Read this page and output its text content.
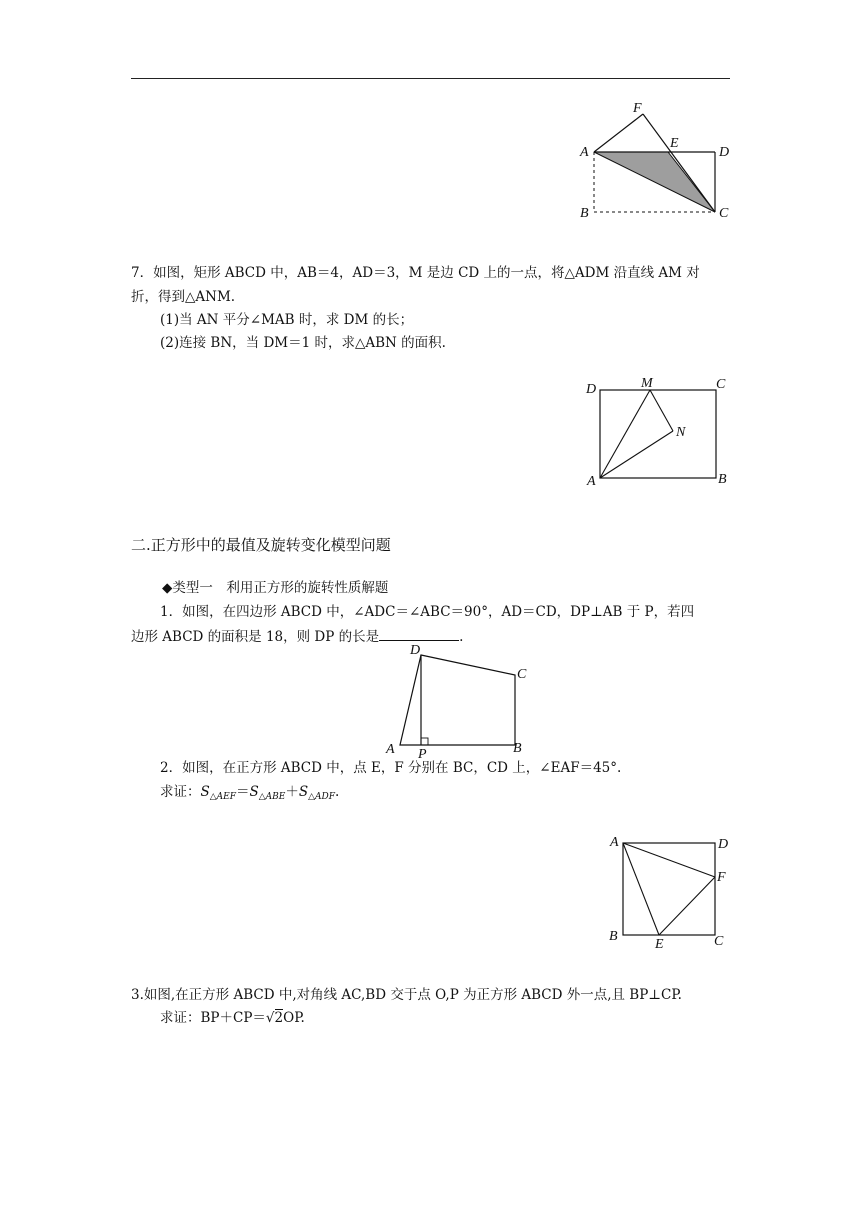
F
E
A	D
B	C
7．如图，矩形 ABCD 中，AB＝4，AD＝3，M 是边 CD 上的一点，将△ADM 沿直线 AM 对
折，得到△ANM.
(1)当 AN 平分∠MAB 时，求 DM 的长；
(2)连接 BN，当 DM＝1 时，求△ABN 的面积.
D	M	C
N
A	B
二.正方形中的最值及旋转变化模型问题
◆类型一　利用正方形的旋转性质解题
1．如图，在四边形 ABCD 中，∠ADC＝∠ABC＝90°，AD＝CD，DP⊥AB 于 P，若四
边形 ABCD 的面积是 18，则 DP 的长是	.
D
C
A P	B
2．如图，在正方形 ABCD 中，点 E，F 分别在 BC，CD 上，∠EAF＝45°.
求证：$S_{\triangle AEF}=S_{\triangle ABE}+S_{\triangle ADF}$.
A	D
F
B
E	C
3.如图,在正方形 ABCD 中,对角线 AC,BD 交于点 O,P 为正方形 ABCD 外一点,且 BP⊥CP.
求证：BP＋CP＝√2OP.
